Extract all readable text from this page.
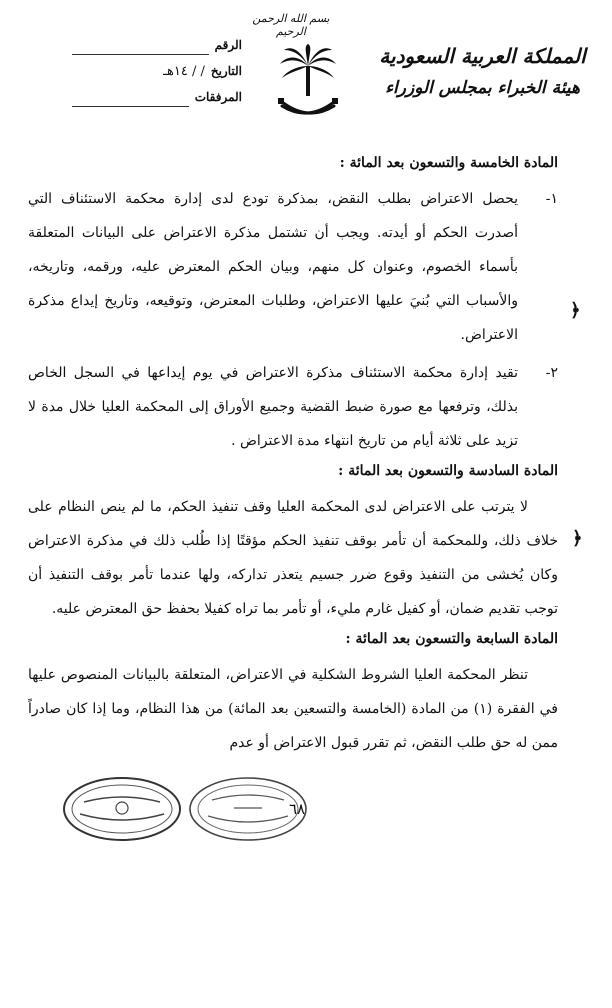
بسم الله الرحمن الرحيم
المملكة العربية السعودية
هيئة الخبراء بمجلس الوزراء
الرقم
التاريخ
/ / ١٤هـ
المرفقات
المادة الخامسة والتسعون بعد المائة :
١-
يحصل الاعتراض بطلب النقض، بمذكرة تودع لدى إدارة محكمة الاستئناف التي أصدرت الحكم أو أيدته. ويجب أن تشتمل مذكرة الاعتراض على البيانات المتعلقة بأسماء الخصوم، وعنوان كل منهم، وبيان الحكم المعترض عليه، ورقمه، وتاريخه، والأسباب التي بُنيَ عليها الاعتراض، وطلبات المعترض، وتوقيعه، وتاريخ إيداع مذكرة الاعتراض.
٢-
تقيد إدارة محكمة الاستئناف مذكرة الاعتراض في يوم إيداعها في السجل الخاص بذلك، وترفعها مع صورة ضبط القضية وجميع الأوراق إلى المحكمة العليا خلال مدة لا تزيد على ثلاثة أيام من تاريخ انتهاء مدة الاعتراض .
المادة السادسة والتسعون بعد المائة :
لا يترتب على الاعتراض لدى المحكمة العليا وقف تنفيذ الحكم، ما لم ينص النظام على خلاف ذلك، وللمحكمة أن تأمر بوقف تنفيذ الحكم مؤقتًا إذا طُلب ذلك في مذكرة الاعتراض وكان يُخشى من التنفيذ وقوع ضرر جسيم يتعذر تداركه، ولها عندما تأمر بوقف التنفيذ أن توجب تقديم ضمان، أو كفيل غارم مليء، أو تأمر بما تراه كفيلا بحفظ حق المعترض عليه.
المادة السابعة والتسعون بعد المائة :
تنظر المحكمة العليا الشروط الشكلية في الاعتراض، المتعلقة بالبيانات المنصوص عليها في الفقرة (١) من المادة (الخامسة والتسعين بعد المائة) من هذا النظام، وما إذا كان صادراً ممن له حق طلب النقض، ثم تقرر قبول الاعتراض أو عدم
٦٨
﴿
﴿
